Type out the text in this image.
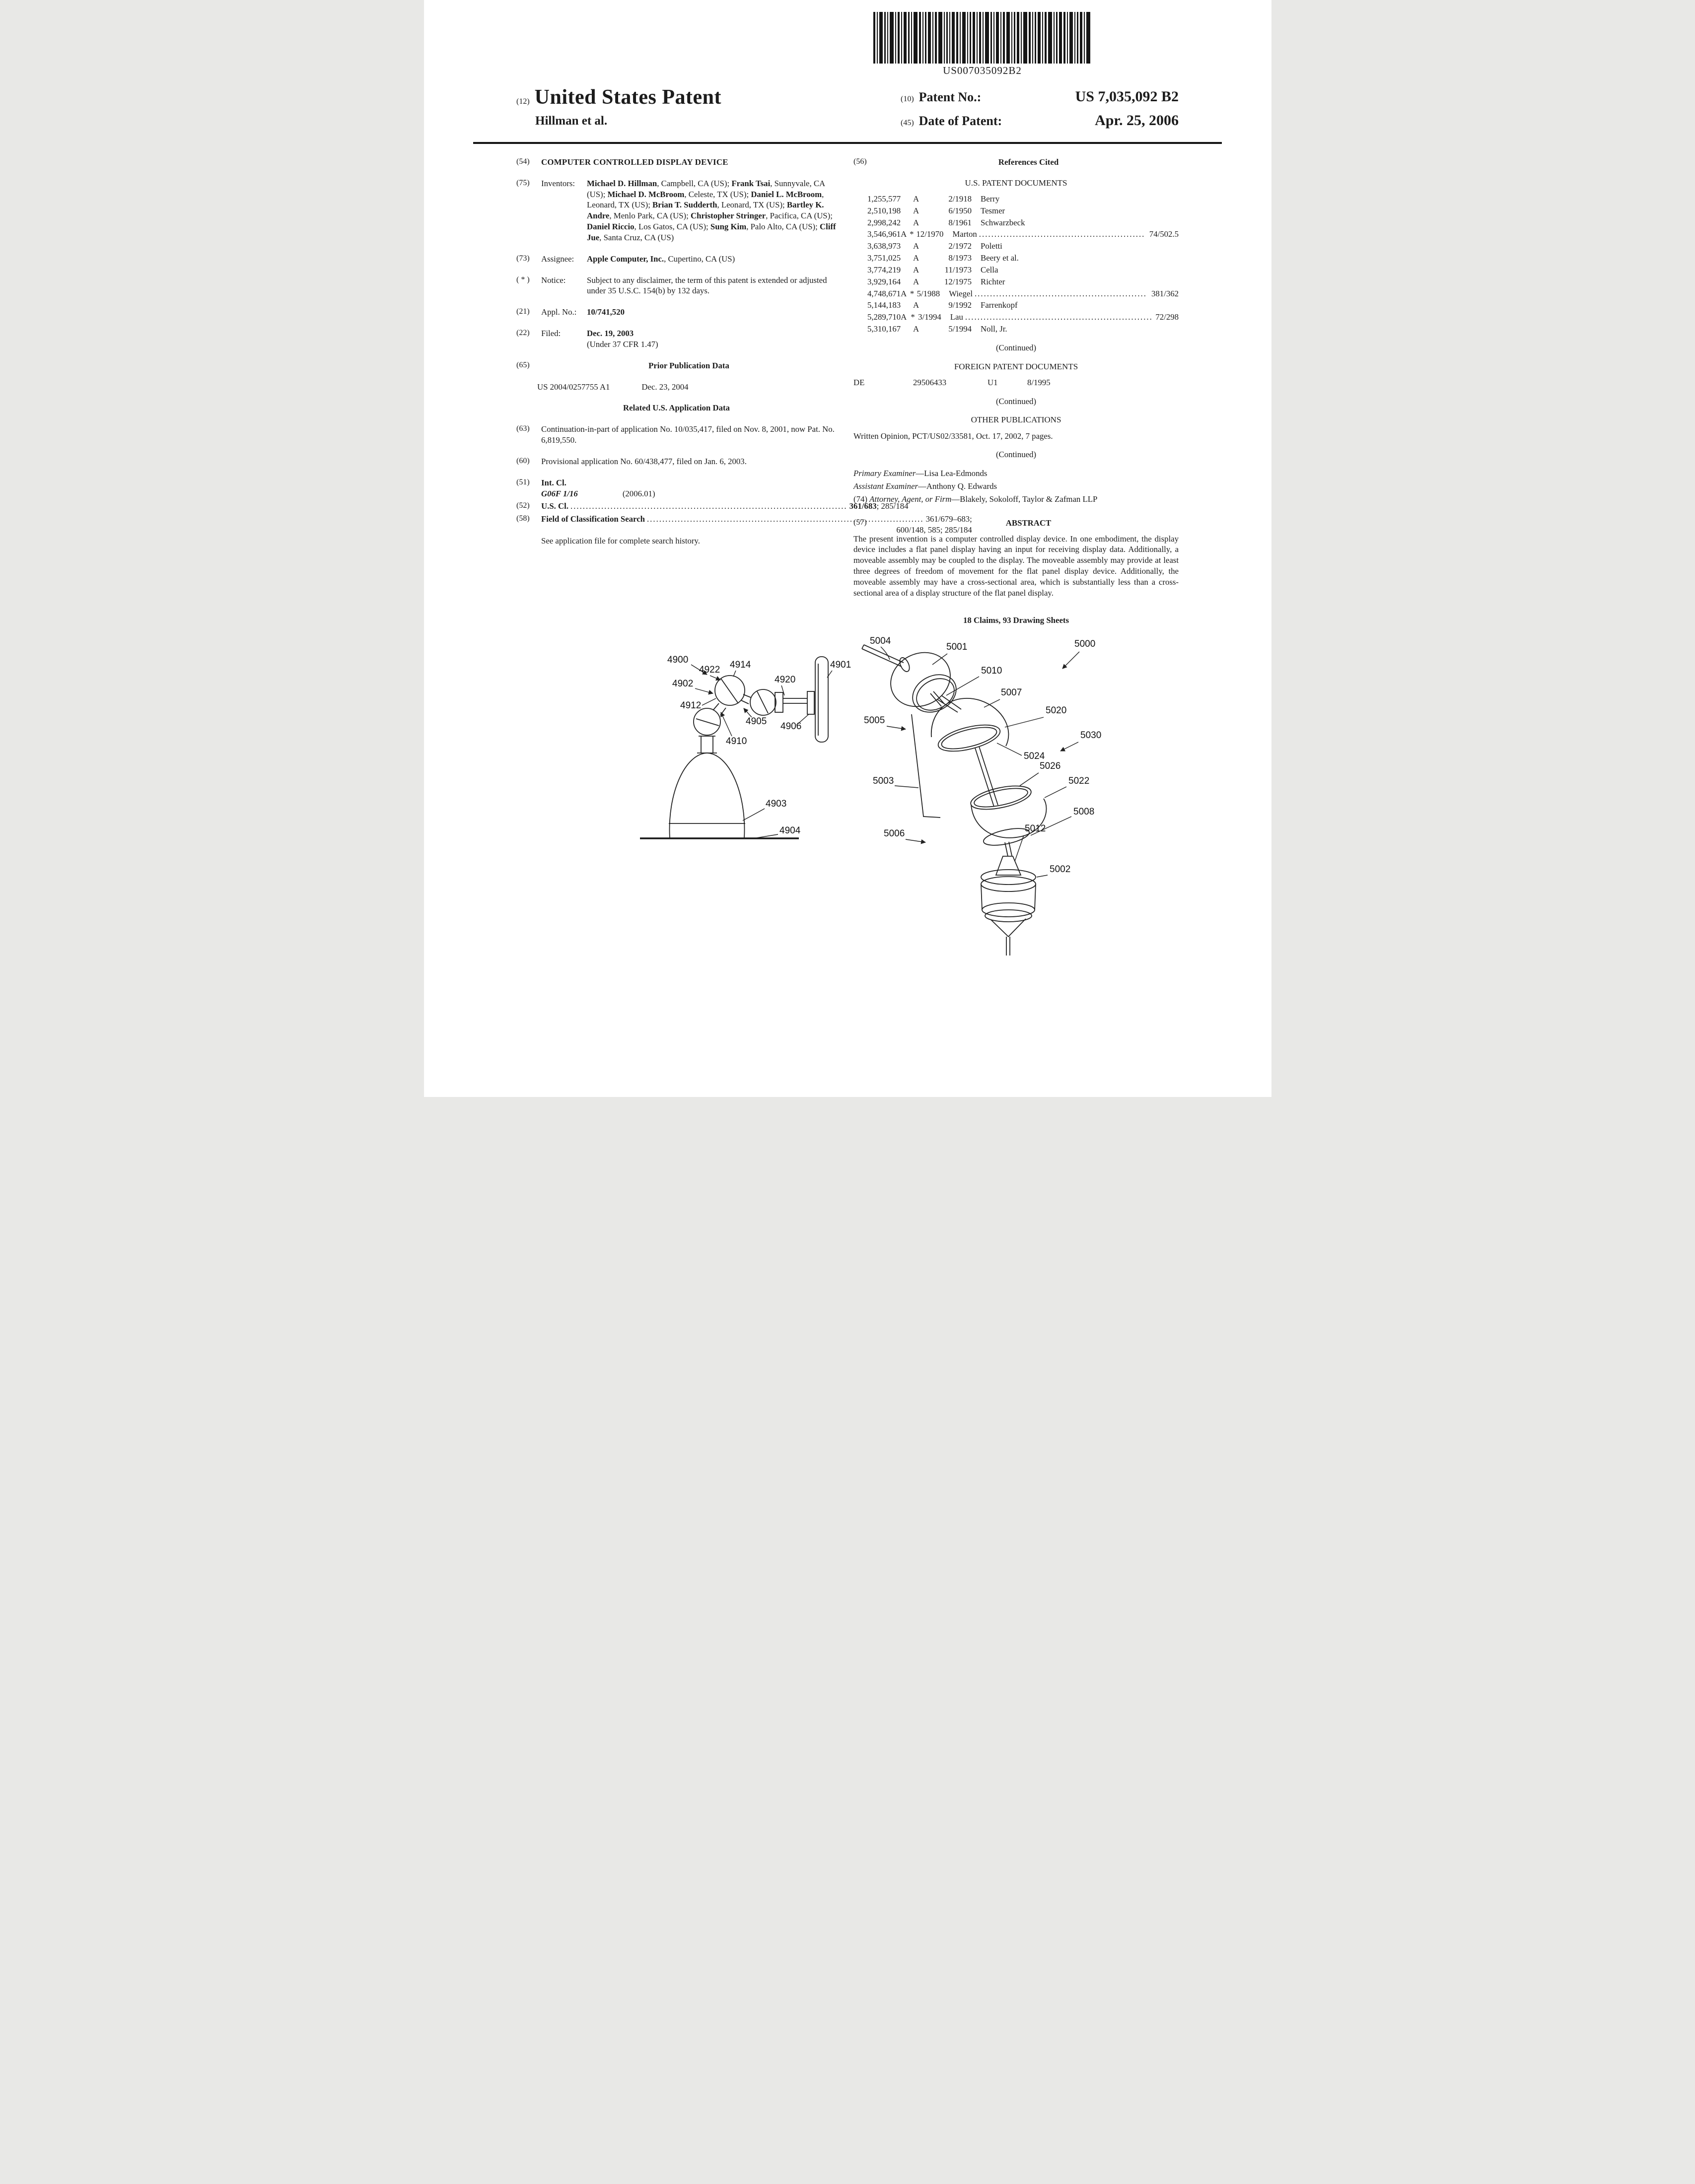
US007035092B2
(12) United States Patent
Hillman et al.
(10) Patent No.:	US 7,035,092 B2
(45) Date of Patent:	Apr. 25, 2006
(54)	COMPUTER CONTROLLED DISPLAY DEVICE
(75)	Inventors:	Michael D. Hillman, Campbell, CA (US); Frank Tsai, Sunnyvale, CA (US); Michael D. McBroom, Celeste, TX (US); Daniel L. McBroom, Leonard, TX (US); Brian T. Sudderth, Leonard, TX (US); Bartley K. Andre, Menlo Park, CA (US); Christopher Stringer, Pacifica, CA (US); Daniel Riccio, Los Gatos, CA (US); Sung Kim, Palo Alto, CA (US); Cliff Jue, Santa Cruz, CA (US)

(73)	Assignee:	Apple Computer, Inc., Cupertino, CA (US)

( * )	Notice:	Subject to any disclaimer, the term of this patent is extended or adjusted under 35 U.S.C. 154(b) by 132 days.

(21)	Appl. No.:	10/741,520
(22)	Filed:	Dec. 19, 2003
(Under 37 CFR 1.47)
(65)	Prior Publication Data
US 2004/0257755 A1	Dec. 23, 2004
Related U.S. Application Data
(63)	Continuation-in-part of application No. 10/035,417, filed on Nov. 8, 2001, now Pat. No. 6,819,550.
(60)	Provisional application No. 60/438,477, filed on Jan. 6, 2003.
(51)	Int. Cl.
G06F 1/16	(2006.01)
(52)	U.S. Cl. .....	361/683; 285/184
(58)	Field of Classification Search .....	361/679–683;
600/148, 585; 285/184
See application file for complete search history.
(56)	References Cited
U.S. PATENT DOCUMENTS
1,255,577	A	2/1918 Berry
2,510,198	A	6/1950 Tesmer
2,998,242	A	8/1961 Schwarzbeck
3,546,961 A * 12/1970 Marton .....	74/502.5
3,638,973	A	2/1972 Poletti
3,751,025	A	8/1973 Beery et al.
3,774,219	A	11/1973 Cella
3,929,164	A	12/1975 Richter
4,748,671 A * 5/1988 Wiegel .....	381/362
5,144,183	A	9/1992 Farrenkopf
5,289,710 A * 3/1994 Lau .....	72/298
5,310,167	A	5/1994 Noll, Jr.
(Continued)
FOREIGN PATENT DOCUMENTS
DE	29506433	U1	8/1995
(Continued)
OTHER PUBLICATIONS
Written Opinion, PCT/US02/33581, Oct. 17, 2002, 7 pages.
(Continued)
Primary Examiner—Lisa Lea-Edmonds
Assistant Examiner—Anthony Q. Edwards
(74) Attorney, Agent, or Firm—Blakely, Sokoloff, Taylor & Zafman LLP
(57)	ABSTRACT

The present invention is a computer controlled display device. In one embodiment, the display device includes a flat panel display having an input for receiving display data. Additionally, a moveable assembly may be coupled to the display. The moveable assembly may provide at least three degrees of freedom of movement for the flat panel display device. Additionally, the moveable assembly may have a cross-sectional area, which is substantially less than a cross-sectional area of a display structure of the flat panel display.

18 Claims, 93 Drawing Sheets
4900	4901
4902
4922 4914
4920
4906
4912
4905
4910
4903
4904
5004
5001
5010
5000
5007
5020
5005
5030
5024
5003
5026
5022
5008
5006	5012
5002
